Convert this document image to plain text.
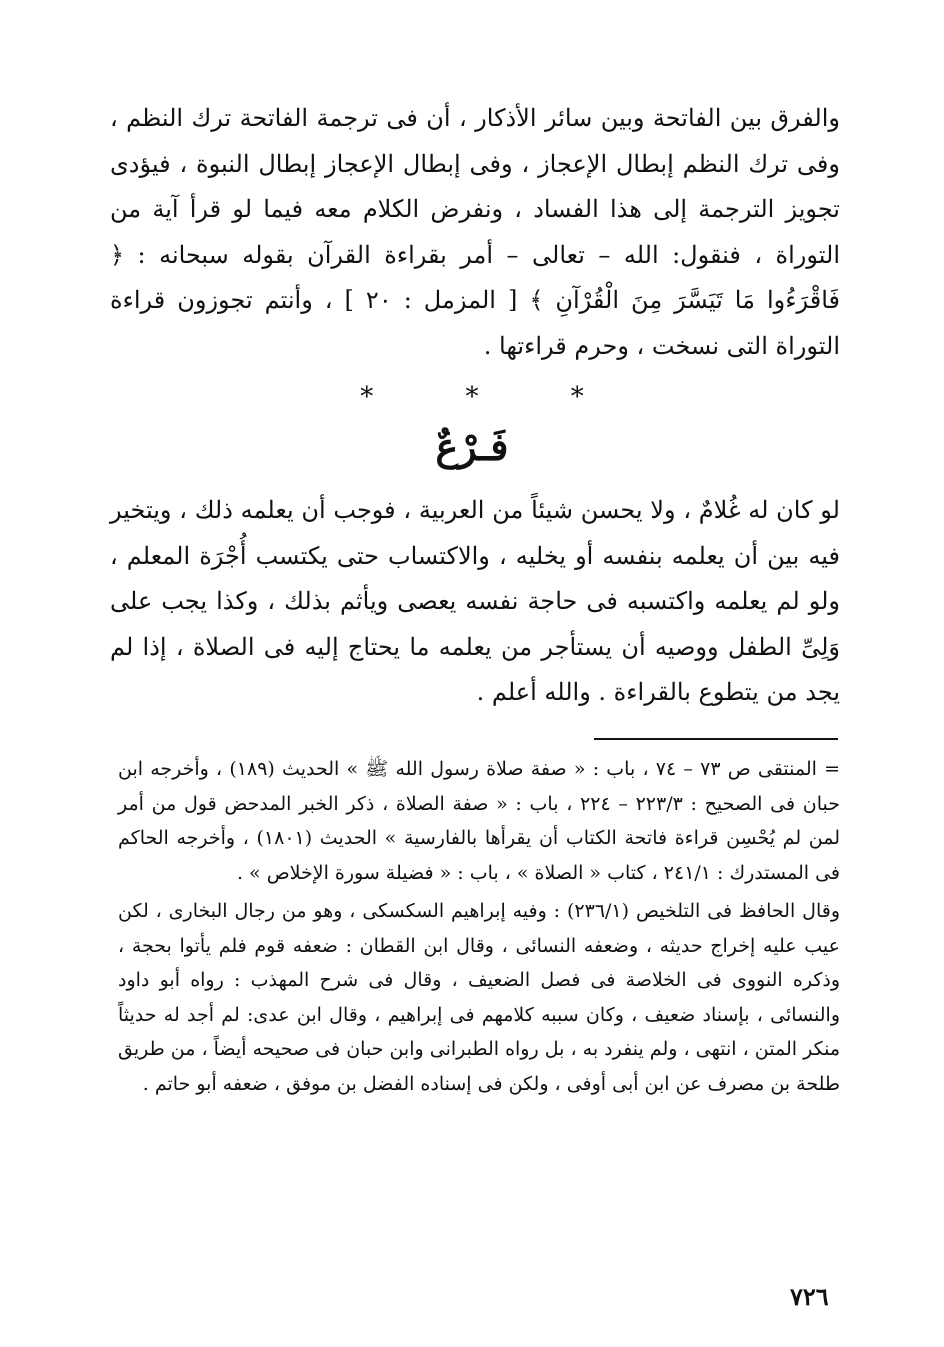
والفرق بين الفاتحة وبين سائر الأذكار ، أن فى ترجمة الفاتحة ترك النظم ، وفى ترك النظم إبطال الإعجاز ، وفى إبطال الإعجاز إبطال النبوة ، فيؤدى تجويز الترجمة إلى هذا الفساد ، ونفرض الكلام معه فيما لو قرأ آية من التوراة ، فنقول: الله – تعالى – أمر بقراءة القرآن بقوله سبحانه : ﴿ فَاقْرَءُوا مَا تَيَسَّرَ مِنَ الْقُرْآنِ ﴾ [ المزمل : ٢٠ ] ، وأنتم تجوزون قراءة التوراة التى نسخت ، وحرم قراءتها .

* * *
فَـرْعٌ

لو كان له غُلامٌ ، ولا يحسن شيئاً من العربية ، فوجب أن يعلمه ذلك ، ويتخير فيه بين أن يعلمه بنفسه أو يخليه ، والاكتساب حتى يكتسب أُجْرَة المعلم ، ولو لم يعلمه واكتسبه فى حاجة نفسه يعصى ويأثم بذلك ، وكذا يجب على وَلِىِّ الطفل ووصيه أن يستأجر من يعلمه ما يحتاج إليه فى الصلاة ، إذا لم يجد من يتطوع بالقراءة . والله أعلم .

= المنتقى ص ٧٣ – ٧٤ ، باب : « صفة صلاة رسول الله ﷺ » الحديث (١٨٩) ، وأخرجه ابن حبان فى الصحيح : ٢٢٣/٣ – ٢٢٤ ، باب : « صفة الصلاة ، ذكر الخبر المدحض قول من أمر لمن لم يُحْسِن قراءة فاتحة الكتاب أن يقرأها بالفارسية » الحديث (١٨٠١) ، وأخرجه الحاكم فى المستدرك : ٢٤١/١ ، كتاب « الصلاة » ، باب : « فضيلة سورة الإخلاص » .

وقال الحافظ فى التلخيص (٢٣٦/١) : وفيه إبراهيم السكسكى ، وهو من رجال البخارى ، لكن عيب عليه إخراج حديثه ، وضعفه النسائى ، وقال ابن القطان : ضعفه قوم فلم يأتوا بحجة ، وذكره النووى فى الخلاصة فى فصل الضعيف ، وقال فى شرح المهذب : رواه أبو داود والنسائى ، بإسناد ضعيف ، وكان سببه كلامهم فى إبراهيم ، وقال ابن عدى: لم أجد له حديثاً منكر المتن ، انتهى ، ولم ينفرد به ، بل رواه الطبرانى وابن حبان فى صحيحه أيضاً ، من طريق طلحة بن مصرف عن ابن أبى أوفى ، ولكن فى إسناده الفضل بن موفق ، ضعفه أبو حاتم .

٧٢٦
